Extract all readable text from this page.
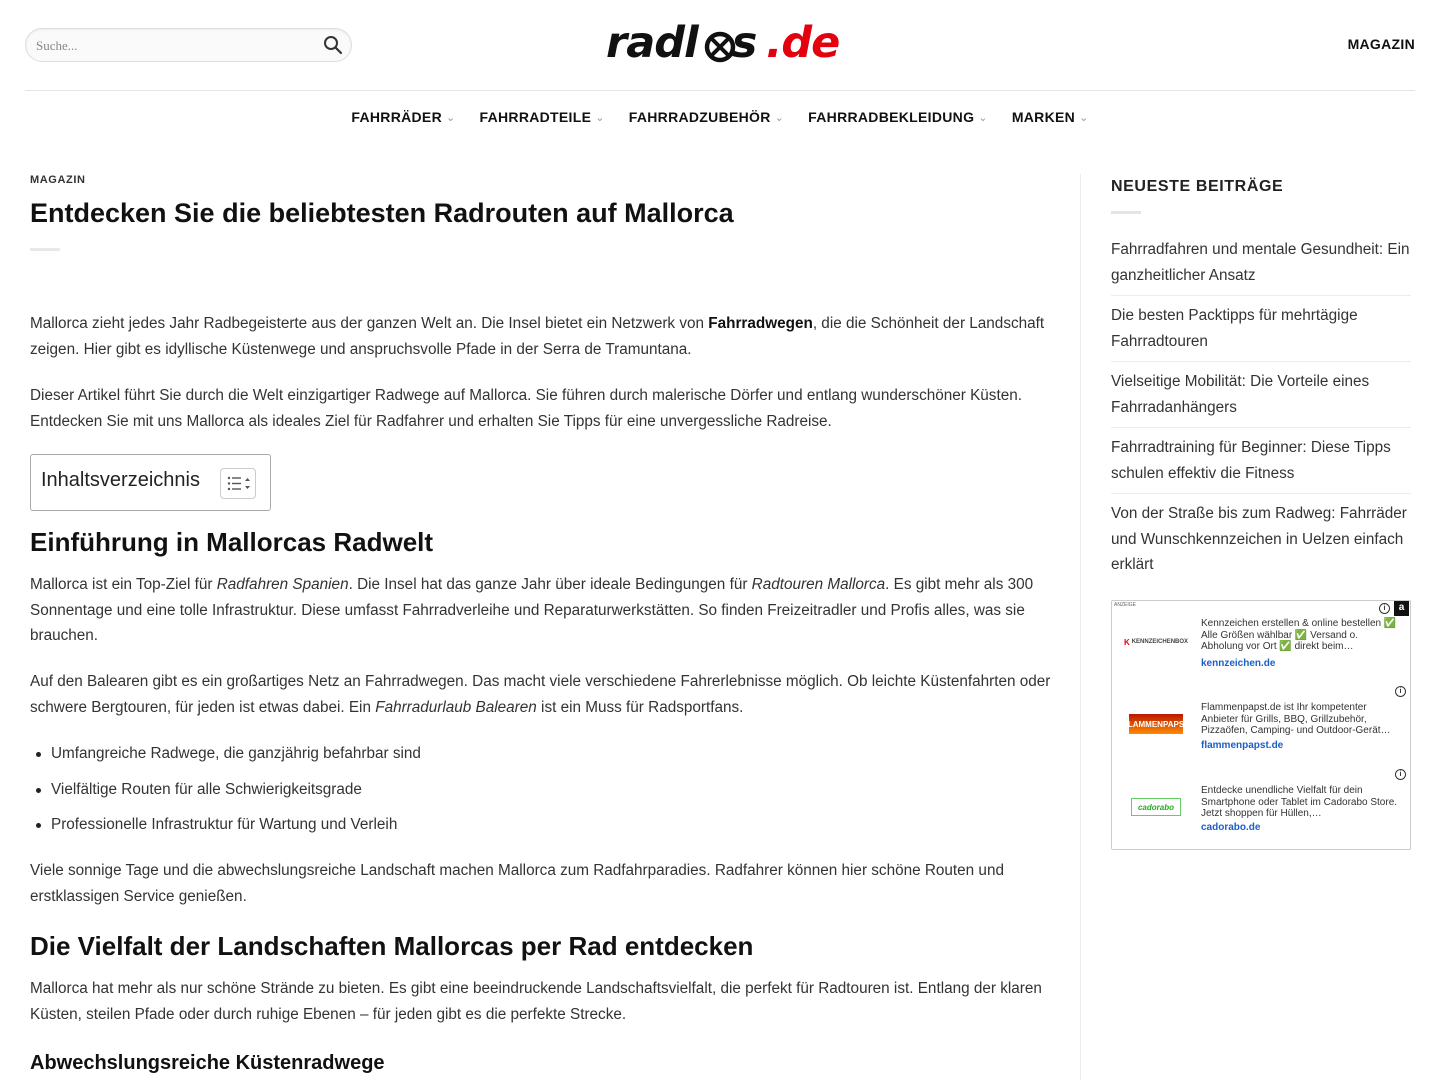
Suche...
radl s .de	MAGAZIN
FAHRRÄDER ⌄ FAHRRADTEILE ⌄ FAHRRADZUBEHÖR ⌄ FAHRRADBEKLEIDUNG ⌄ MARKEN ⌄
MAGAZIN
Entdecken Sie die beliebtesten Radrouten auf Mallorca

Mallorca zieht jedes Jahr Radbegeisterte aus der ganzen Welt an. Die Insel bietet ein Netzwerk von Fahrradwegen, die die Schönheit der Landschaft zeigen. Hier gibt es idyllische Küstenwege und anspruchsvolle Pfade in der Serra de Tramuntana.

Dieser Artikel führt Sie durch die Welt einzigartiger Radwege auf Mallorca. Sie führen durch malerische Dörfer und entlang wunderschöner Küsten. Entdecken Sie mit uns Mallorca als ideales Ziel für Radfahrer und erhalten Sie Tipps für eine unvergessliche Radreise.

Inhaltsverzeichnis
Einführung in Mallorcas Radwelt

Mallorca ist ein Top-Ziel für Radfahren Spanien. Die Insel hat das ganze Jahr über ideale Bedingungen für Radtouren Mallorca. Es gibt mehr als 300 Sonnentage und eine tolle Infrastruktur. Diese umfasst Fahrradverleihe und Reparaturwerkstätten. So finden Freizeitradler und Profis alles, was sie brauchen.

Auf den Balearen gibt es ein großartiges Netz an Fahrradwegen. Das macht viele verschiedene Fahrerlebnisse möglich. Ob leichte Küstenfahrten oder schwere Bergtouren, für jeden ist etwas dabei. Ein Fahrradurlaub Balearen ist ein Muss für Radsportfans.

Umfangreiche Radwege, die ganzjährig befahrbar sind
Vielfältige Routen für alle Schwierigkeitsgrade
Professionelle Infrastruktur für Wartung und Verleih

Viele sonnige Tage und die abwechslungsreiche Landschaft machen Mallorca zum Radfahrparadies. Radfahrer können hier schöne Routen und erstklassigen Service genießen.

Die Vielfalt der Landschaften Mallorcas per Rad entdecken

Mallorca hat mehr als nur schöne Strände zu bieten. Es gibt eine beeindruckende Landschaftsvielfalt, die perfekt für Radtouren ist. Entlang der klaren Küsten, steilen Pfade oder durch ruhige Ebenen – für jeden gibt es die perfekte Strecke.

Abwechslungsreiche Küstenradwege
NEUESTE BEITRÄGE
Fahrradfahren und mentale Gesundheit: Ein ganzheitlicher Ansatz
Die besten Packtipps für mehrtägige Fahrradtouren
Vielseitige Mobilität: Die Vorteile eines Fahrradanhängers
Fahrradtraining für Beginner: Diese Tipps schulen effektiv die Fitness
Von der Straße bis zum Radweg: Fahrräder und Wunschkennzeichen in Uelzen einfach erklärt
ANZEIGE	i	a
K KENNZEICHENBOX
Kennzeichen erstellen & online bestellen ✅ Alle Größen wählbar ✅ Versand o. Abholung vor Ort ✅ direkt beim…
kennzeichen.de
i
FLAMMENPAPST
Flammenpapst.de ist Ihr kompetenter Anbieter für Grills, BBQ, Grillzubehör, Pizzaöfen, Camping- und Outdoor-Gerät…
flammenpapst.de
i
cadorabo
Entdecke unendliche Vielfalt für dein Smartphone oder Tablet im Cadorabo Store. Jetzt shoppen für Hüllen,…
cadorabo.de
